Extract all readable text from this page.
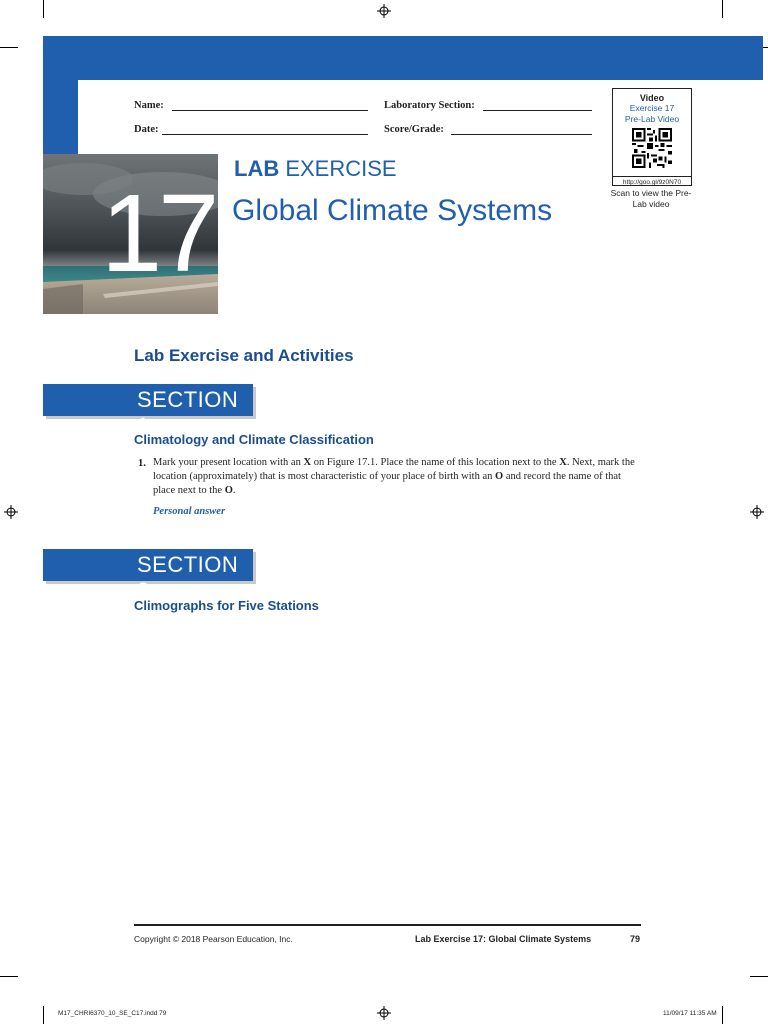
Name:	Laboratory Section:
Date:	Score/Grade:
Video
Exercise 17
Pre-Lab Video
http://goo.gl/9z0N70
Scan to view the Pre-Lab video
17
LAB EXERCISE
Global Climate Systems
Lab Exercise and Activities
SECTION 1
Climatology and Climate Classification
1. Mark your present location with an X on Figure 17.1. Place the name of this location next to the X. Next, mark the location (approximately) that is most characteristic of your place of birth with an O and record the name of that place next to the O.
Personal answer
SECTION 2
Climographs for Five Stations
Copyright © 2018 Pearson Education, Inc.	Lab Exercise 17: Global Climate Systems	79
M17_CHRI6370_10_SE_C17.indd 79	11/09/17 11:35 AM
